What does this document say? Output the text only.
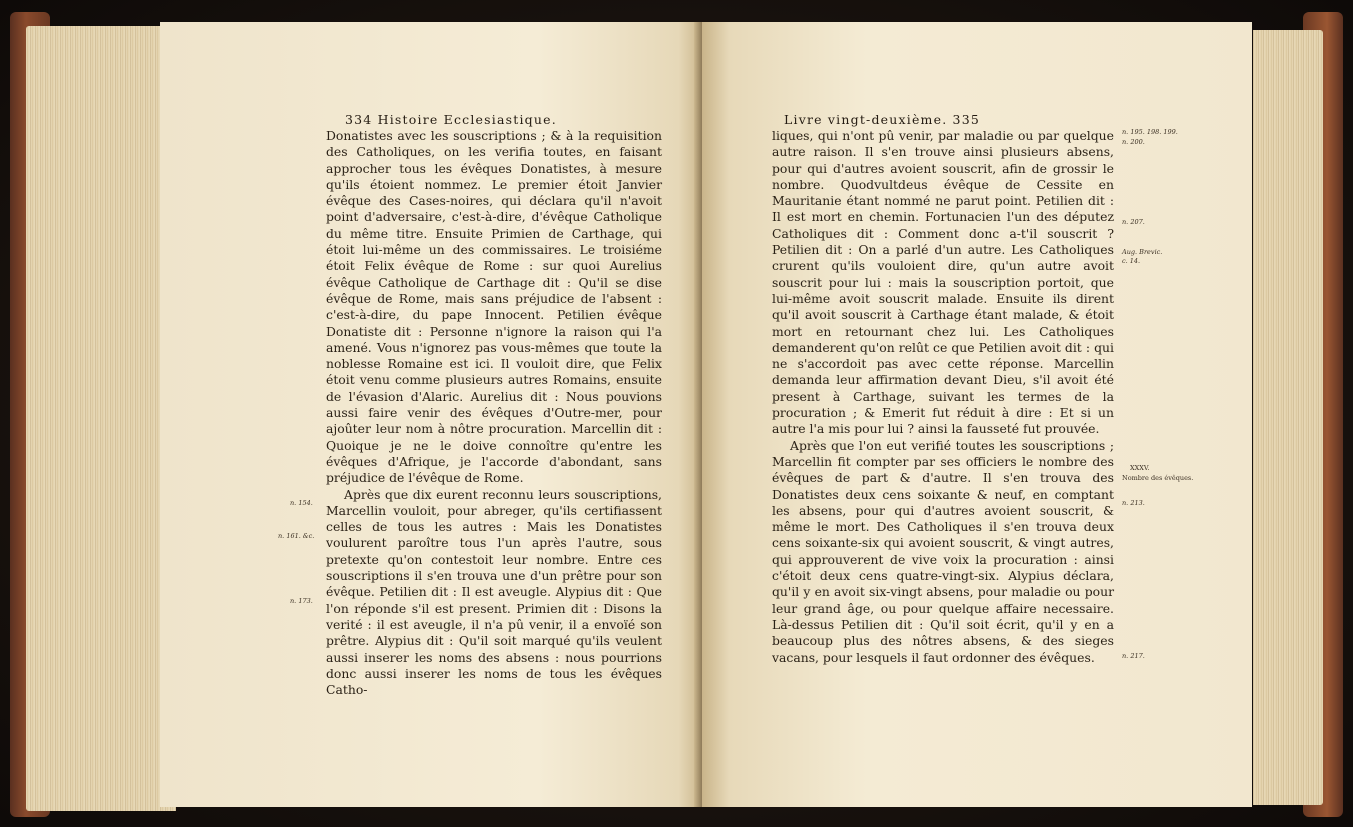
334 Histoire Ecclesiastique.

Donatistes avec les souscriptions ; & à la requisition des Catholiques, on les verifia toutes, en faisant approcher tous les évêques Donatistes, à mesure qu'ils étoient nommez. Le premier étoit Janvier évêque des Cases-noires, qui déclara qu'il n'avoit point d'adversaire, c'est-à-dire, d'évêque Catholique du même titre. Ensuite Primien de Carthage, qui étoit lui-même un des commissaires. Le troisiéme étoit Felix évêque de Rome : sur quoi Aurelius évêque Catholique de Carthage dit : Qu'il se dise évêque de Rome, mais sans préjudice de l'absent : c'est-à-dire, du pape Innocent. Petilien évêque Donatiste dit : Personne n'ignore la raison qui l'a amené. Vous n'ignorez pas vous-mêmes que toute la noblesse Romaine est ici. Il vouloit dire, que Felix étoit venu comme plusieurs autres Romains, ensuite de l'évasion d'Alaric. Aurelius dit : Nous pouvions aussi faire venir des évêques d'Outre-mer, pour ajoûter leur nom à nôtre procuration. Marcellin dit : Quoique je ne le doive connoître qu'entre les évêques d'Afrique, je l'accorde d'abondant, sans préjudice de l'évêque de Rome.

Après que dix eurent reconnu leurs souscriptions, Marcellin vouloit, pour abreger, qu'ils certifiassent celles de tous les autres : Mais les Donatistes voulurent paroître tous l'un après l'autre, sous pretexte qu'on contestoit leur nombre. Entre ces souscriptions il s'en trouva une d'un prêtre pour son évêque. Petilien dit : Il est aveugle. Alypius dit : Que l'on réponde s'il est present. Primien dit : Disons la verité : il est aveugle, il n'a pû venir, il a envoïé son prêtre. Alypius dit : Qu'il soit marqué qu'ils veulent aussi inserer les noms des absens : nous pourrions donc aussi inserer les noms de tous les évêques Catho-

n. 154.
n. 161. &c.
n. 173.
Livre vingt-deuxième. 335

liques, qui n'ont pû venir, par maladie ou par quelque autre raison. Il s'en trouve ainsi plusieurs absens, pour qui d'autres avoient souscrit, afin de grossir le nombre. Quodvultdeus évêque de Cessite en Mauritanie étant nommé ne parut point. Petilien dit : Il est mort en chemin. Fortunacien l'un des députez Catholiques dit : Comment donc a-t'il souscrit ? Petilien dit : On a parlé d'un autre. Les Catholiques crurent qu'ils vouloient dire, qu'un autre avoit souscrit pour lui : mais la souscription portoit, que lui-même avoit souscrit malade. Ensuite ils dirent qu'il avoit souscrit à Carthage étant malade, & étoit mort en retournant chez lui. Les Catholiques demanderent qu'on relût ce que Petilien avoit dit : qui ne s'accordoit pas avec cette réponse. Marcellin demanda leur affirmation devant Dieu, s'il avoit été present à Carthage, suivant les termes de la procuration ; & Emerit fut réduit à dire : Et si un autre l'a mis pour lui ? ainsi la fausseté fut prouvée.

Après que l'on eut verifié toutes les souscriptions ; Marcellin fit compter par ses officiers le nombre des évêques de part & d'autre. Il s'en trouva des Donatistes deux cens soixante & neuf, en comptant les absens, pour qui d'autres avoient souscrit, & même le mort. Des Catholiques il s'en trouva deux cens soixante-six qui avoient souscrit, & vingt autres, qui approuverent de vive voix la procuration : ainsi c'étoit deux cens quatre-vingt-six. Alypius déclara, qu'il y en avoit six-vingt absens, pour maladie ou pour leur grand âge, ou pour quelque affaire necessaire. Là-dessus Petilien dit : Qu'il soit écrit, qu'il y en a beaucoup plus des nôtres absens, & des sieges vacans, pour lesquels il faut ordonner des évêques.

n. 195. 198. 199.
n. 200.
n. 207.
Aug. Brevic.
c. 14.
XXXV.
Nombre des évêques.
n. 213.
n. 217.
